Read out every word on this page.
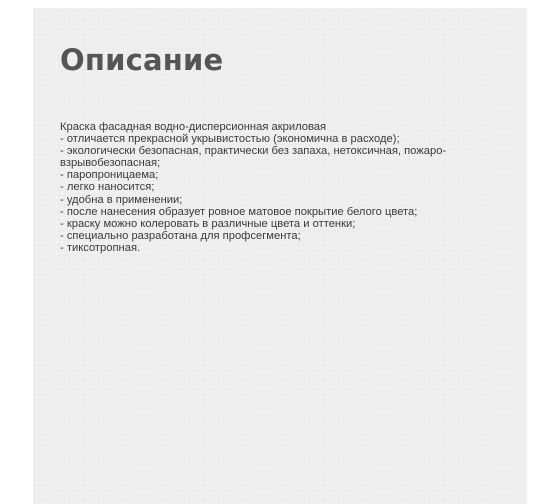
Описание
Краска фасадная водно-дисперсионная акриловая
- отличается прекрасной укрывистостью (экономична в расходе);
- экологически безопасная, практически без запаха, нетоксичная, пожаро-
взрывобезопасная;
- паропроницаема;
- легко наносится;
- удобна в применении;
- после нанесения образует ровное матовое покрытие белого цвета;
- краску можно колеровать в различные цвета и оттенки;
- специально разработана для профсегмента;
- тиксотропная.
